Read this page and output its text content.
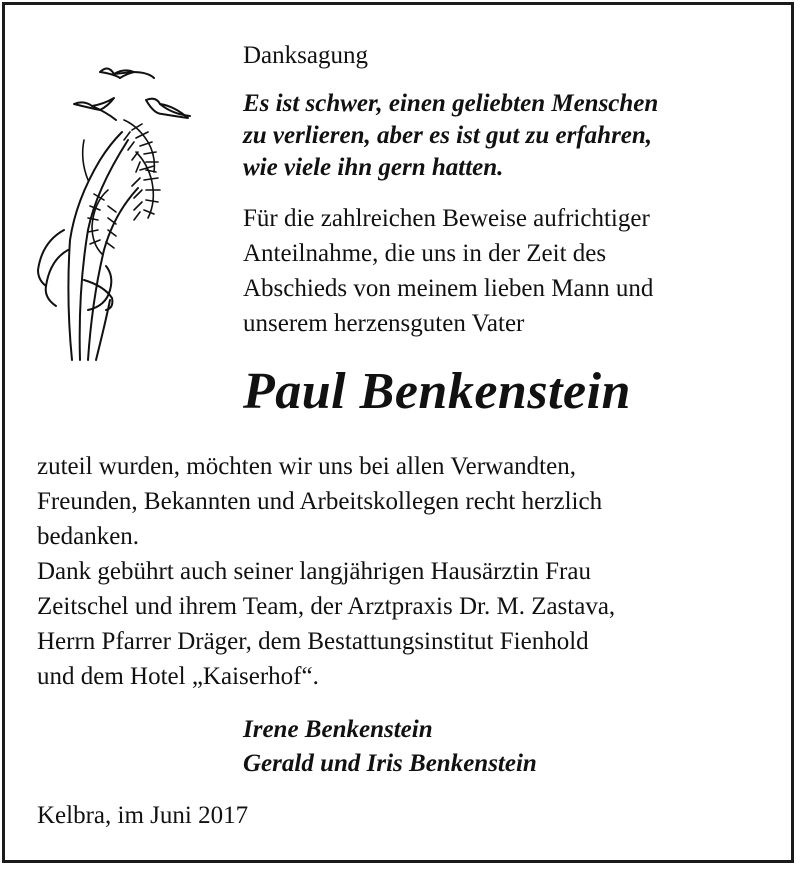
Danksagung
Es ist schwer, einen geliebten Menschen
zu verlieren, aber es ist gut zu erfahren,
wie viele ihn gern hatten.
Für die zahlreichen Beweise aufrichtiger
Anteilnahme, die uns in der Zeit des
Abschieds von meinem lieben Mann und
unserem herzensguten Vater
Paul Benkenstein
zuteil wurden, möchten wir uns bei allen Verwandten,
Freunden, Bekannten und Arbeitskollegen recht herzlich
bedanken.
Dank gebührt auch seiner langjährigen Hausärztin Frau
Zeitschel und ihrem Team, der Arztpraxis Dr. M. Zastava,
Herrn Pfarrer Dräger, dem Bestattungsinstitut Fienhold
und dem Hotel „Kaiserhof“.
Irene Benkenstein
Gerald und Iris Benkenstein
Kelbra, im Juni 2017
